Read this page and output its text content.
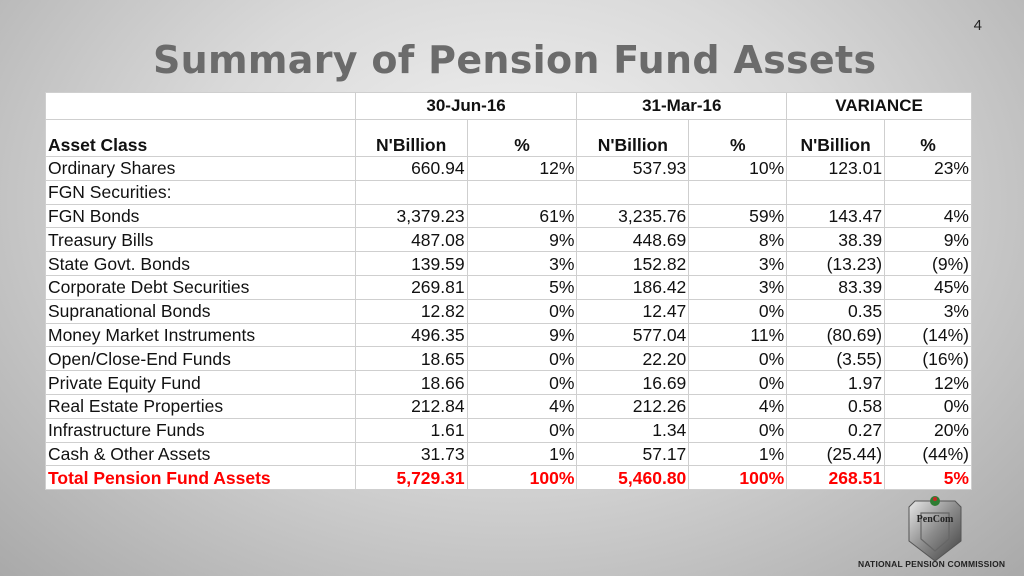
4
Summary of Pension Fund Assets
	30-Jun-16		31-Mar-16		VARIANCE	
Asset Class	N'Billion	%	N'Billion	%	N'Billion	%
Ordinary Shares	660.94	12%	537.93	10%	123.01	23%
FGN Securities:						
FGN Bonds	3,379.23	61%	3,235.76	59%	143.47	4%
Treasury Bills	487.08	9%	448.69	8%	38.39	9%
State Govt. Bonds	139.59	3%	152.82	3%	(13.23)	(9%)
Corporate Debt Securities	269.81	5%	186.42	3%	83.39	45%
Supranational Bonds	12.82	0%	12.47	0%	0.35	3%
Money Market Instruments	496.35	9%	577.04	11%	(80.69)	(14%)
Open/Close-End Funds	18.65	0%	22.20	0%	(3.55)	(16%)
Private Equity Fund	18.66	0%	16.69	0%	1.97	12%
Real Estate Properties	212.84	4%	212.26	4%	0.58	0%
Infrastructure Funds	1.61	0%	1.34	0%	0.27	20%
Cash & Other Assets	31.73	1%	57.17	1%	(25.44)	(44%)
Total Pension Fund Assets	5,729.31	100%	5,460.80	100%	268.51	5%
PenCom
NATIONAL PENSION COMMISSION
